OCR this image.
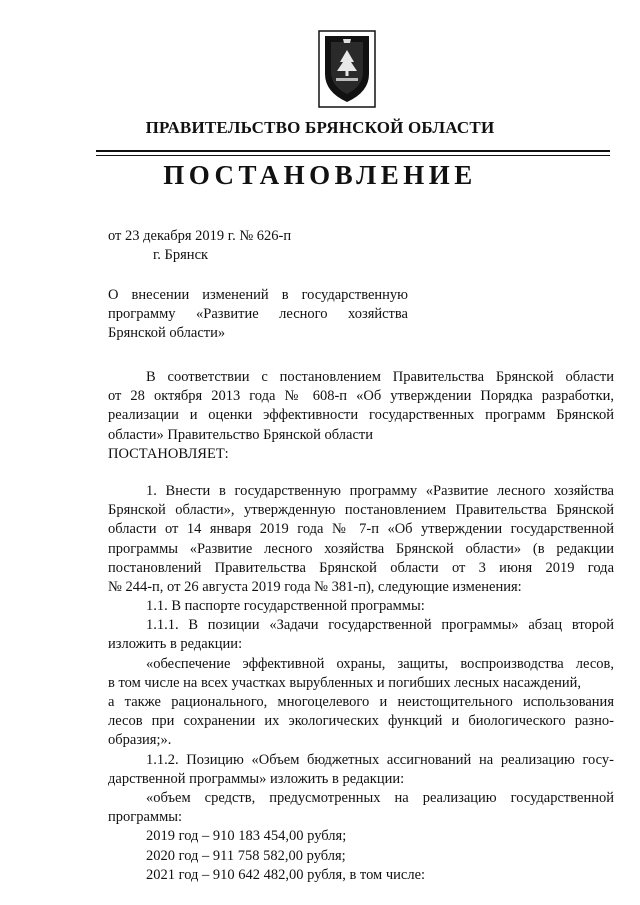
ПРАВИТЕЛЬСТВО БРЯНСКОЙ ОБЛАСТИ
ПОСТАНОВЛЕНИЕ
от 23 декабря 2019 г. № 626-п
г. Брянск
О внесении изменений в государственную
программу «Развитие лесного хозяйства
Брянской области»
В соответствии с постановлением Правительства Брянской области
от 28 октября 2013 года № 608-п «Об утверждении Порядка разработки,
реализации и оценки эффективности государственных программ Брянской
области» Правительство Брянской области
ПОСТАНОВЛЯЕТ:
1. Внести в государственную программу «Развитие лесного хозяйства
Брянской области», утвержденную постановлением Правительства Брянской
области от 14 января 2019 года № 7-п «Об утверждении государственной
программы «Развитие лесного хозяйства Брянской области» (в редакции
постановлений Правительства Брянской области от 3 июня 2019 года
№ 244-п, от 26 августа 2019 года № 381-п), следующие изменения:
1.1. В паспорте государственной программы:
1.1.1. В позиции «Задачи государственной программы» абзац второй
изложить в редакции:
«обеспечение эффективной охраны, защиты, воспроизводства лесов,
в том числе на всех участках вырубленных и погибших лесных насаждений,
а также рационального, многоцелевого и неистощительного использования
лесов при сохранении их экологических функций и биологического разно-
образия;».
1.1.2. Позицию «Объем бюджетных ассигнований на реализацию госу-
дарственной программы» изложить в редакции:
«объем средств, предусмотренных на реализацию государственной
программы:
2019 год – 910 183 454,00 рубля;
2020 год – 911 758 582,00 рубля;
2021 год – 910 642 482,00 рубля, в том числе:
